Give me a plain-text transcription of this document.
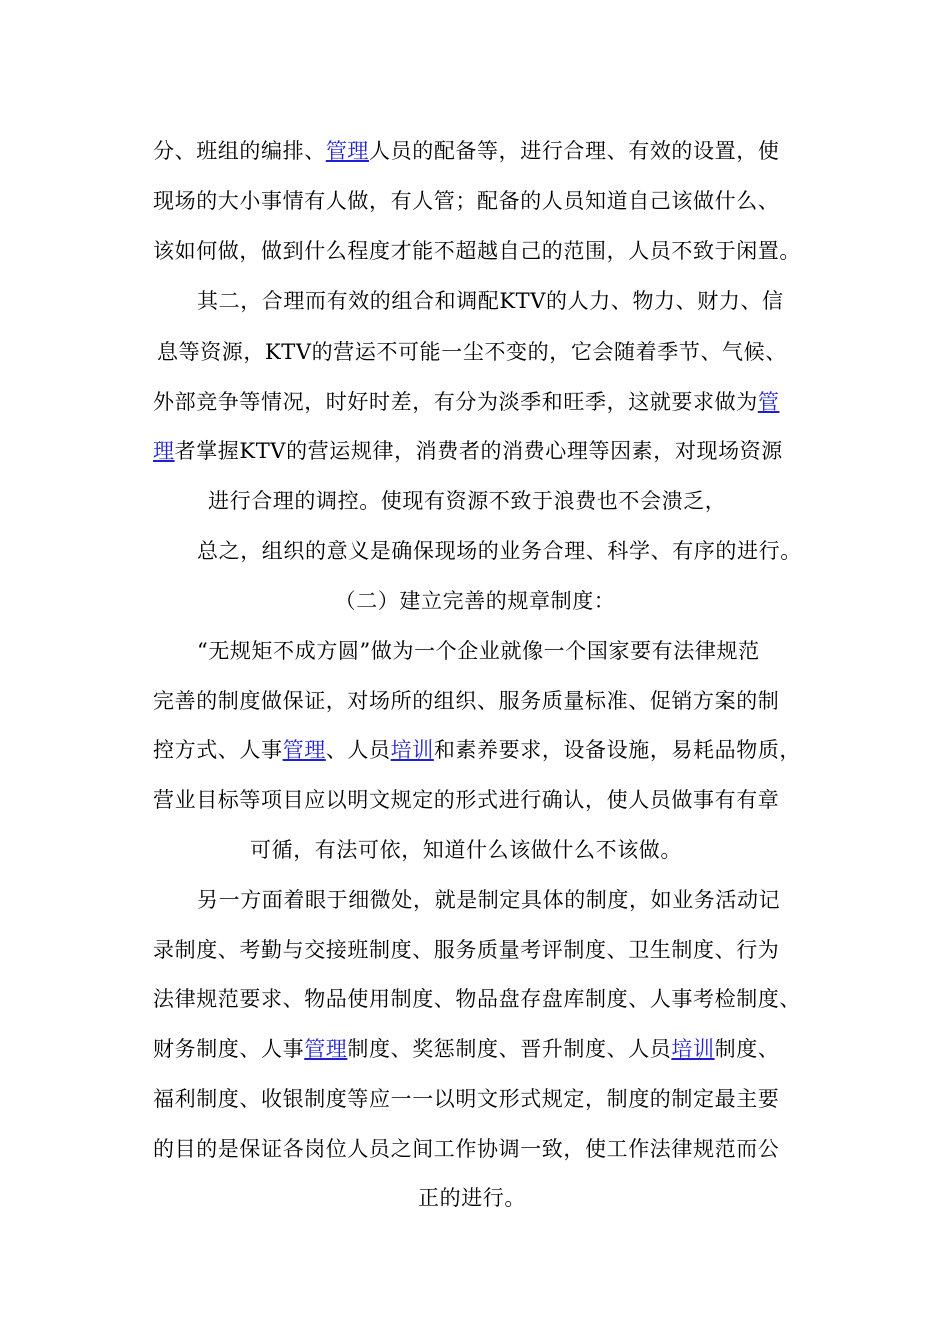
分、班组的编排、管理人员的配备等，进行合理、有效的设置，使
现场的大小事情有人做，有人管；配备的人员知道自己该做什么、
该如何做，做到什么程度才能不超越自己的范围，人员不致于闲置。
其二，合理而有效的组合和调配KTV的人力、物力、财力、信
息等资源，KTV的营运不可能一尘不变的，它会随着季节、气候、
外部竞争等情况，时好时差，有分为淡季和旺季，这就要求做为管
理者掌握KTV的营运规律，消费者的消费心理等因素，对现场资源
进行合理的调控。使现有资源不致于浪费也不会溃乏，
总之，组织的意义是确保现场的业务合理、科学、有序的进行。
（二）建立完善的规章制度：
“无规矩不成方圆”做为一个企业就像一个国家要有法律规范
完善的制度做保证，对场所的组织、服务质量标准、促销方案的制
控方式、人事管理、人员培训和素养要求，设备设施，易耗品物质，
营业目标等项目应以明文规定的形式进行确认，使人员做事有有章
可循，有法可依，知道什么该做什么不该做。
另一方面着眼于细微处，就是制定具体的制度，如业务活动记
录制度、考勤与交接班制度、服务质量考评制度、卫生制度、行为
法律规范要求、物品使用制度、物品盘存盘库制度、人事考检制度、
财务制度、人事管理制度、奖惩制度、晋升制度、人员培训制度、
福利制度、收银制度等应一一以明文形式规定，制度的制定最主要
的目的是保证各岗位人员之间工作协调一致，使工作法律规范而公
正的进行。
